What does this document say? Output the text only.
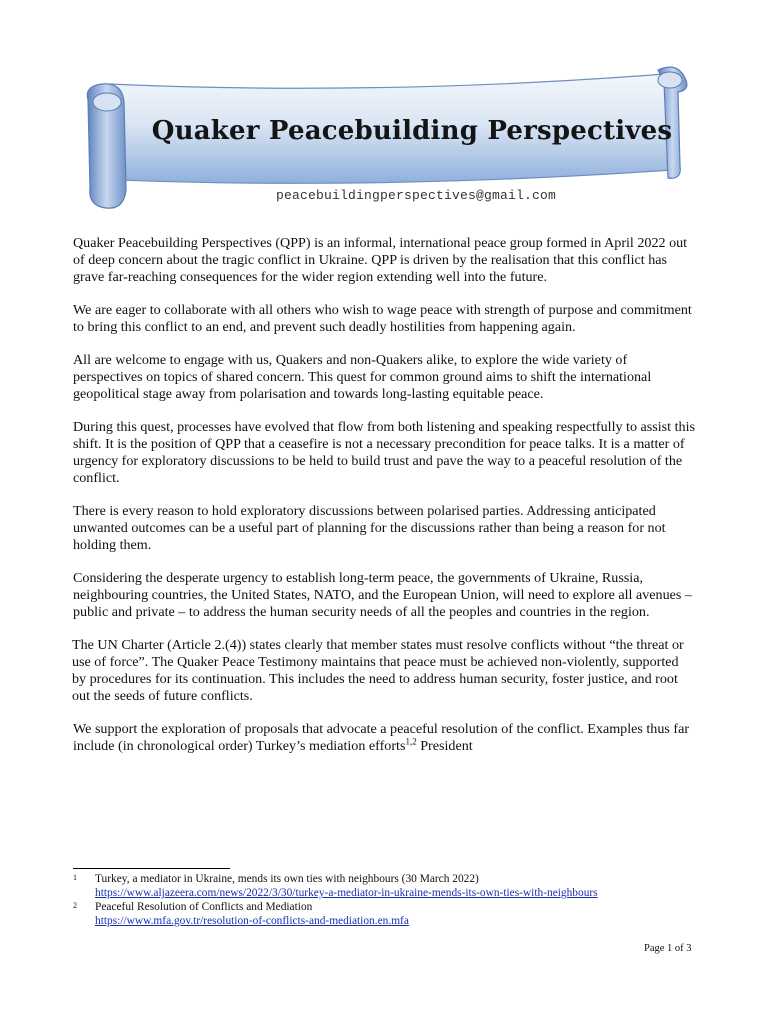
Quaker Peacebuilding Perspectives
peacebuildingperspectives@gmail.com

Quaker Peacebuilding Perspectives (QPP) is an informal, international peace group formed in April 2022 out of deep concern about the tragic conflict in Ukraine. QPP is driven by the realisation that this conflict has grave far-reaching consequences for the wider region extending well into the future.

We are eager to collaborate with all others who wish to wage peace with strength of purpose and commitment to bring this conflict to an end, and prevent such deadly hostilities from happening again.

All are welcome to engage with us, Quakers and non-Quakers alike, to explore the wide variety of perspectives on topics of shared concern. This quest for common ground aims to shift the international geopolitical stage away from polarisation and towards long-lasting equitable peace.

During this quest, processes have evolved that flow from both listening and speaking respectfully to assist this shift. It is the position of QPP that a ceasefire is not a necessary precondition for peace talks. It is a matter of urgency for exploratory discussions to be held to build trust and pave the way to a peaceful resolution of the conflict.

There is every reason to hold exploratory discussions between polarised parties. Addressing anticipated unwanted outcomes can be a useful part of planning for the discussions rather than being a reason for not holding them.

Considering the desperate urgency to establish long-term peace, the governments of Ukraine, Russia, neighbouring countries, the United States, NATO, and the European Union, will need to explore all avenues – public and private – to address the human security needs of all the peoples and countries in the region.

The UN Charter (Article 2.(4)) states clearly that member states must resolve conflicts without “the threat or use of force”. The Quaker Peace Testimony maintains that peace must be achieved non-violently, supported by procedures for its continuation. This includes the need to address human security, foster justice, and root out the seeds of future conflicts.

We support the exploration of proposals that advocate a peaceful resolution of the conflict. Examples thus far include (in chronological order) Turkey’s mediation efforts$^{1,2}$ President

1 Turkey, a mediator in Ukraine, mends its own ties with neighbours (30 March 2022)
https://www.aljazeera.com/news/2022/3/30/turkey-a-mediator-in-ukraine-mends-its-own-ties-with-neighbours
2 Peaceful Resolution of Conflicts and Mediation
https://www.mfa.gov.tr/resolution-of-conflicts-and-mediation.en.mfa
Page 1 of 3
